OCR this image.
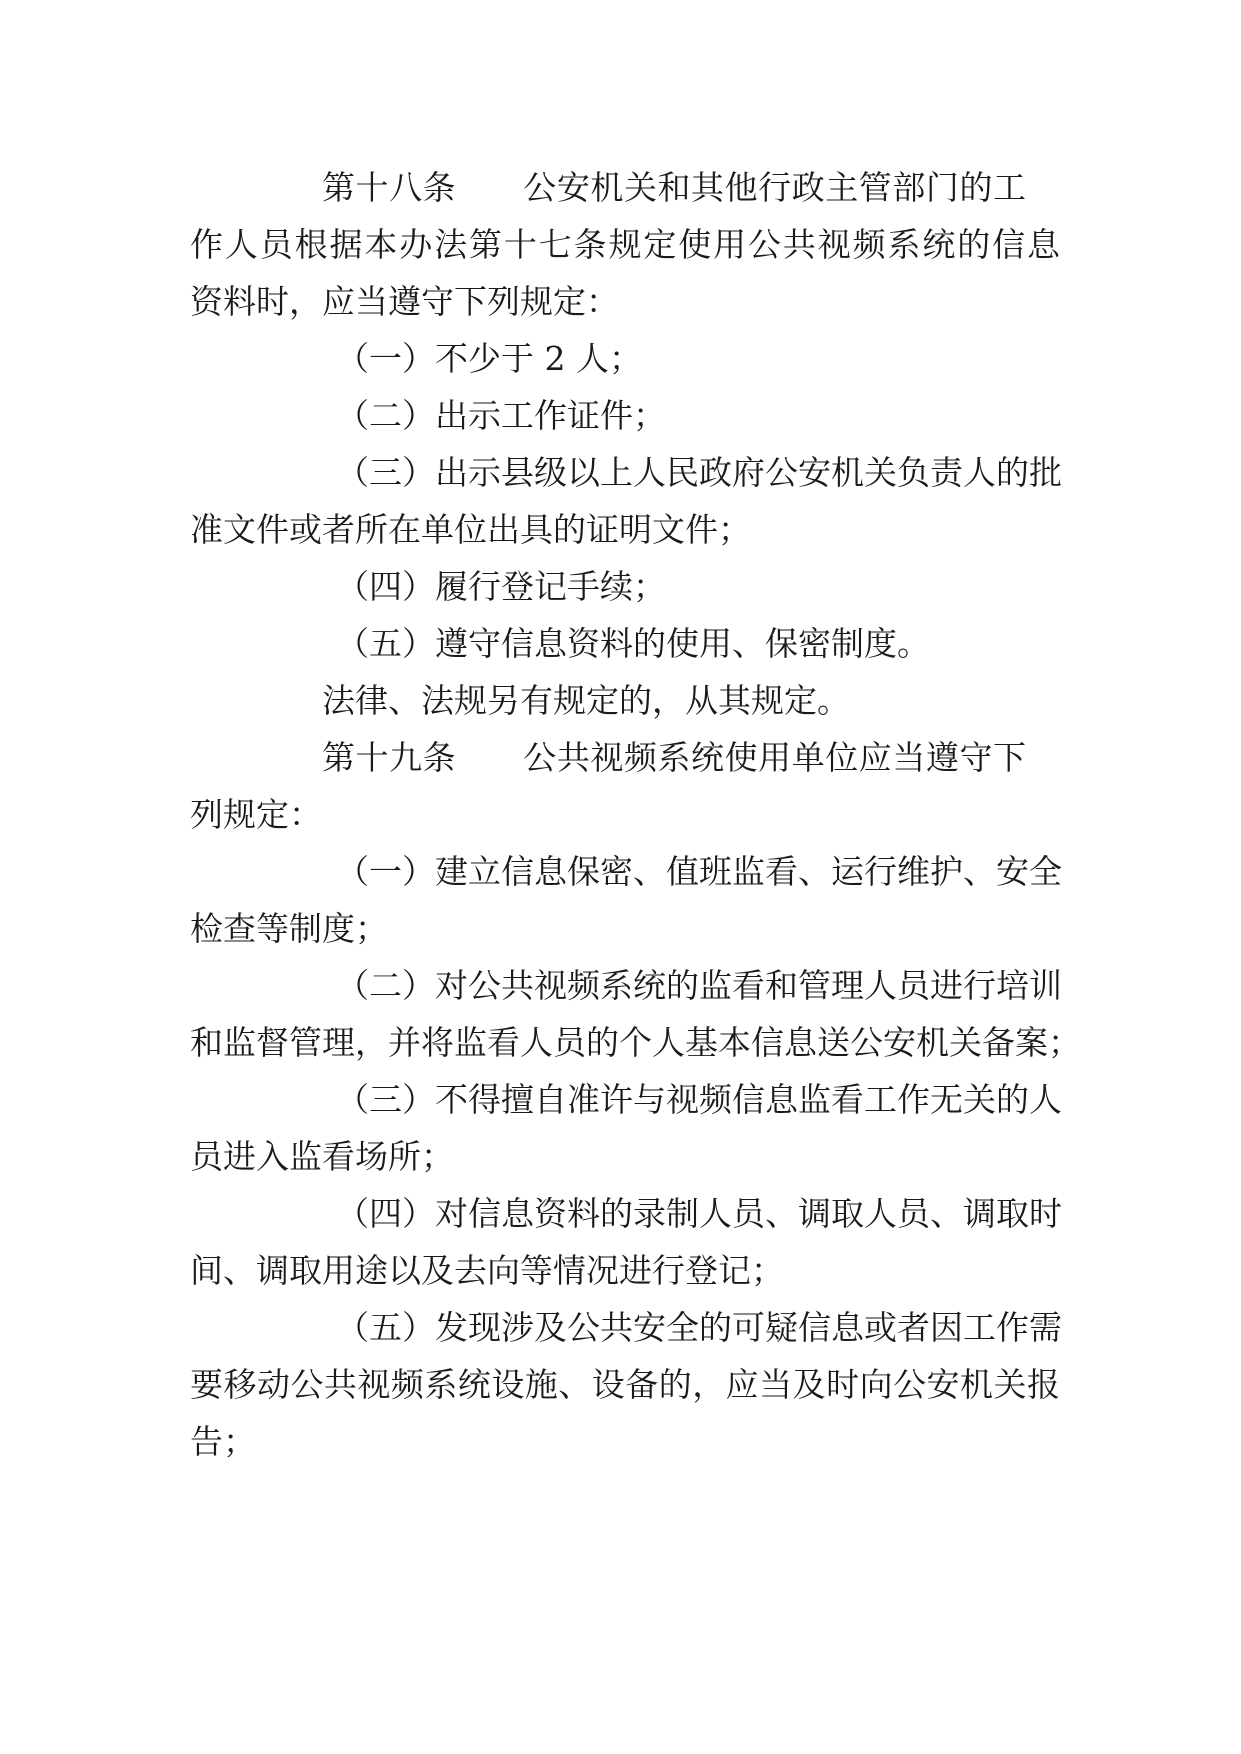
第十八条　　公安机关和其他行政主管部门的工
作人员根据本办法第十七条规定使用公共视频系统的信息
资料时，应当遵守下列规定：
（一）不少于 2 人；
（二）出示工作证件；
（三）出示县级以上人民政府公安机关负责人的批
准文件或者所在单位出具的证明文件；
（四）履行登记手续；
（五）遵守信息资料的使用、保密制度。
法律、法规另有规定的，从其规定。
第十九条　　公共视频系统使用单位应当遵守下
列规定：
（一）建立信息保密、值班监看、运行维护、安全
检查等制度；
（二）对公共视频系统的监看和管理人员进行培训
和监督管理，并将监看人员的个人基本信息送公安机关备案；
（三）不得擅自准许与视频信息监看工作无关的人
员进入监看场所；
（四）对信息资料的录制人员、调取人员、调取时
间、调取用途以及去向等情况进行登记；
（五）发现涉及公共安全的可疑信息或者因工作需
要移动公共视频系统设施、设备的，应当及时向公安机关报
告；
